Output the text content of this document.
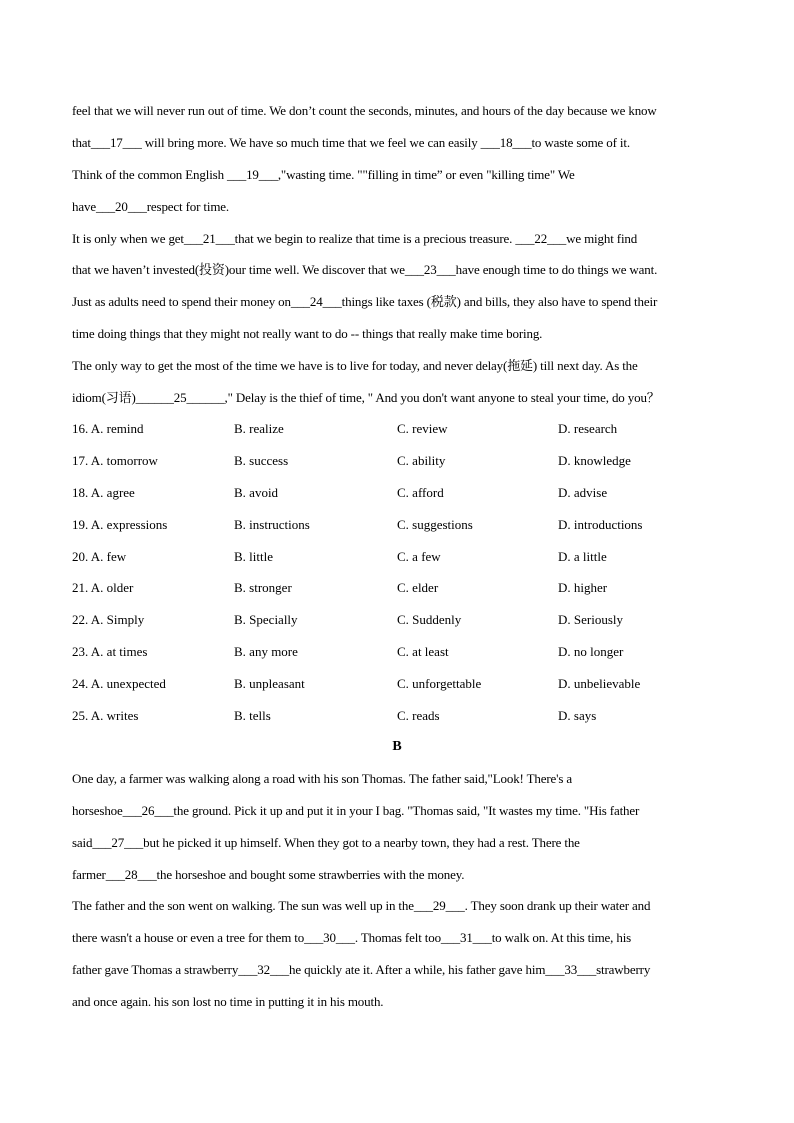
feel that we will never run out of time. We don’t count the seconds, minutes, and hours of the day because we know
that___17___ will bring more. We have so much time that we feel we can easily ___18___to waste some of it.
Think of the common English ___19___,"wasting time. ""filling in time” or even "killing time" We
have___20___respect for time.
It is only when we get___21___that we begin to realize that time is a precious treasure. ___22___we might find
that we haven’t invested(投资)our time well. We discover that we___23___have enough time to do things we want.
Just as adults need to spend their money on___24___things like taxes (税款) and bills, they also have to spend their
time doing things that they might not really want to do -- things that really make time boring.
The only way to get the most of the time we have is to live for today, and never delay(拖延) till next day. As the
idiom(习语)______25______," Delay is the thief of time, " And you don't want anyone to steal your time, do you？
16. A. remind	B. realize	C. review	D. research
17. A. tomorrow	B. success	C. ability	D. knowledge
18. A. agree	B. avoid	C. afford	D. advise
19. A. expressions	B. instructions	C. suggestions	D. introductions
20. A. few	B. little	C. a few	D. a little
21. A. older	B. stronger	C. elder	D. higher
22. A. Simply	B. Specially	C. Suddenly	D. Seriously
23. A. at times	B. any more	C. at least	D. no longer
24. A. unexpected	B. unpleasant	C. unforgettable	D. unbelievable
25. A. writes	B. tells	C. reads	D. says
B
One day, a farmer was walking along a road with his son Thomas. The father said,"Look! There's a
horseshoe___26___the ground. Pick it up and put it in your I bag. "Thomas said, "It wastes my time. "His father
said___27___but he picked it up himself. When they got to a nearby town, they had a rest. There the
farmer___28___the horseshoe and bought some strawberries with the money.
The father and the son went on walking. The sun was well up in the___29___. They soon drank up their water and
there wasn't a house or even a tree for them to___30___. Thomas felt too___31___to walk on. At this time, his
father gave Thomas a strawberry___32___he quickly ate it. After a while, his father gave him___33___strawberry
and once again. his son lost no time in putting it in his mouth.
